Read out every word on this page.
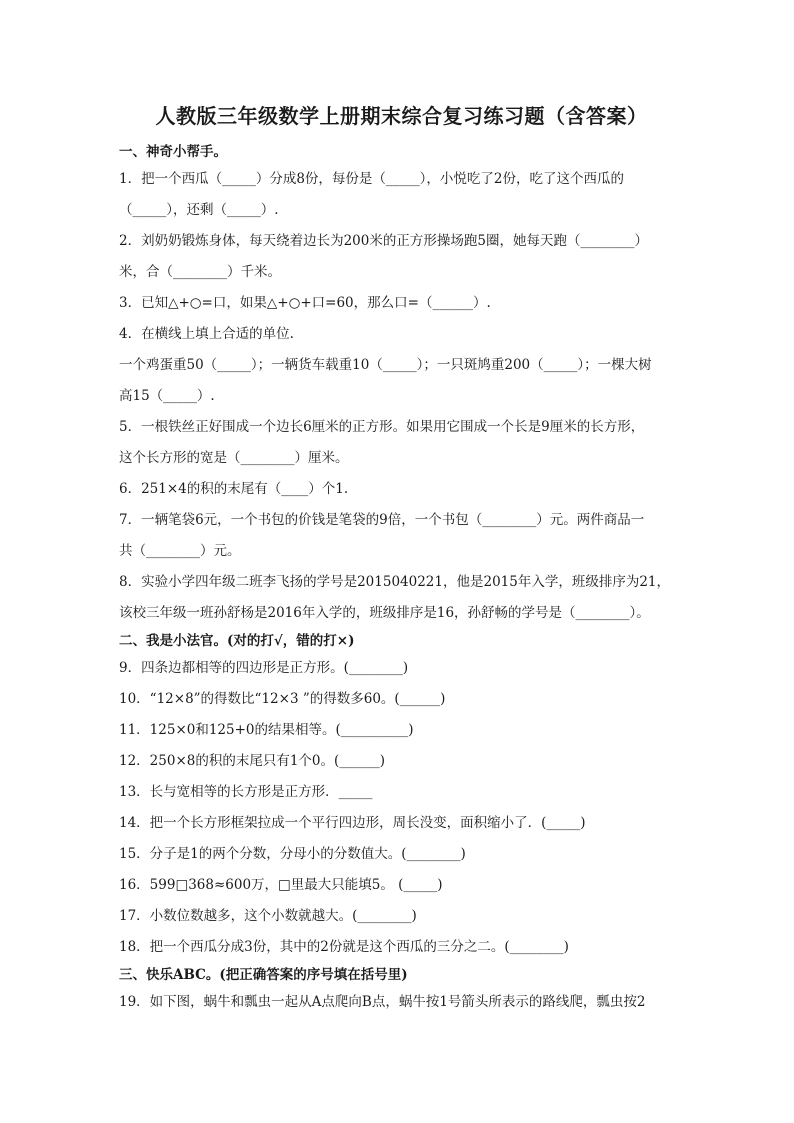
人教版三年级数学上册期末综合复习练习题（含答案）
一、神奇小帮手。
1．把一个西瓜（_____）分成8份，每份是（_____），小悦吃了2份，吃了这个西瓜的
（_____），还剩（_____）.
2．刘奶奶锻炼身体，每天绕着边长为200米的正方形操场跑5圈，她每天跑（________）
米，合（________）千米。
3．已知△+○=口，如果△+○+口=60，那么口=（______）.
4．在横线上填上合适的单位.
一个鸡蛋重50（_____）；一辆货车载重10（_____）；一只斑鸠重200（_____）；一棵大树
高15（_____）.
5．一根铁丝正好围成一个边长6厘米的正方形。如果用它围成一个长是9厘米的长方形，
这个长方形的宽是（________）厘米。
6．251×4的积的末尾有（____）个1.
7．一辆笔袋6元，一个书包的价钱是笔袋的9倍，一个书包（________）元。两件商品一
共（________）元。
8．实验小学四年级二班李飞扬的学号是2015040221，他是2015年入学，班级排序为21，
该校三年级一班孙舒杨是2016年入学的，班级排序是16，孙舒畅的学号是（________）。
二、我是小法官。(对的打√，错的打×)
9．四条边都相等的四边形是正方形。(________)
10．“12×8”的得数比“12×3 ”的得数多60。(______)
11．125×0和125+0的结果相等。(__________)
12．250×8的积的末尾只有1个0。(______)
13．长与宽相等的长方形是正方形．_____
14．把一个长方形框架拉成一个平行四边形，周长没变，面积缩小了．(_____)
15．分子是1的两个分数，分母小的分数值大。(________)
16．599□368≈600万，□里最大只能填5。 (_____)
17．小数位数越多，这个小数就越大。(________)
18．把一个西瓜分成3份，其中的2份就是这个西瓜的三分之二。(________)
三、快乐ABC。(把正确答案的序号填在括号里)
19．如下图，蜗牛和瓢虫一起从A点爬向B点，蜗牛按1号箭头所表示的路线爬，瓢虫按2
